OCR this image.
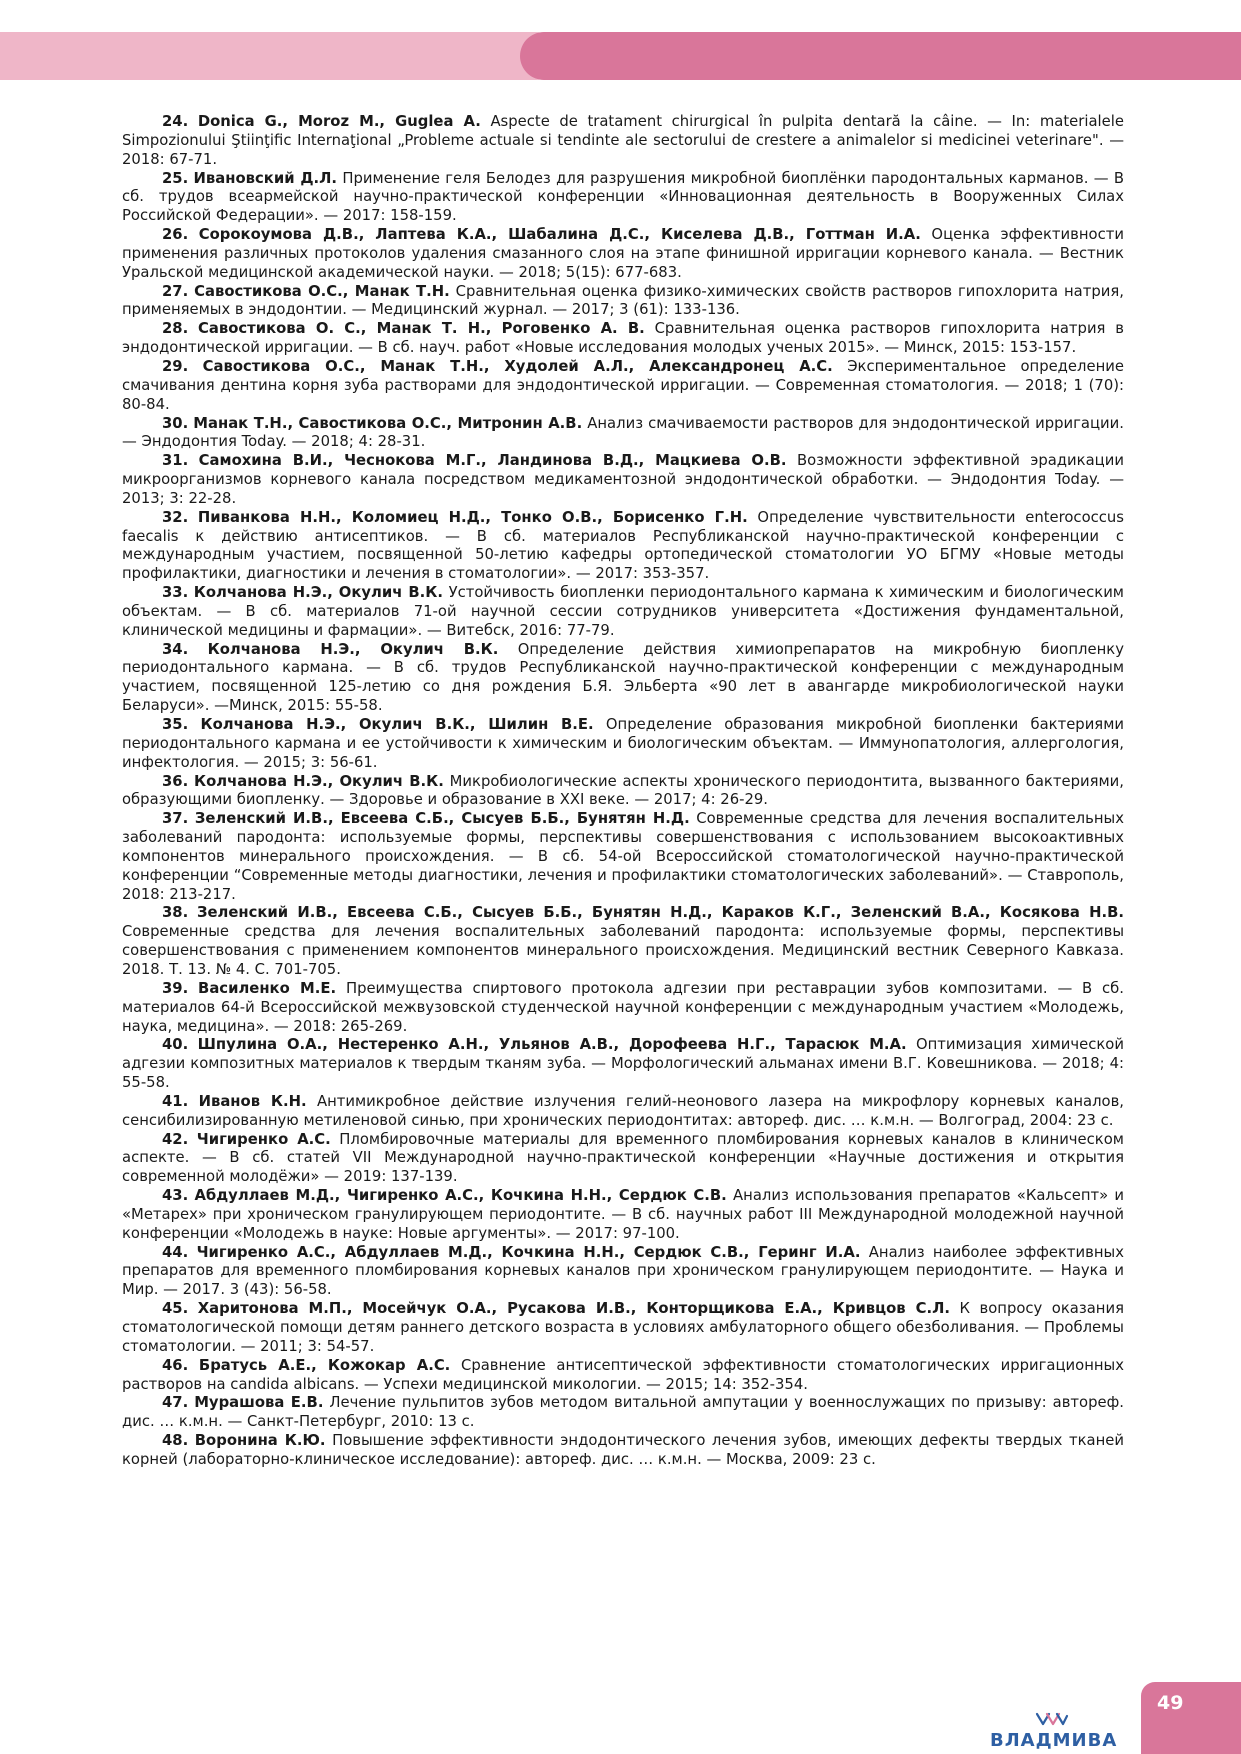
24. Donica G., Moroz M., Guglea A. Aspecte de tratament chirurgical în pulpita dentară la câine. — In: materialele Simpozionului Ştiinţific Internaţional „Probleme actuale si tendinte ale sectorului de crestere a animalelor si medicinei veterinare". — 2018: 67-71.

25. Ивановский Д.Л. Применение геля Белодез для разрушения микробной биоплёнки пародонтальных карманов. — В сб. трудов всеармейской научно-практической конференции «Инновационная деятельность в Вооруженных Силах Российской Федерации». — 2017: 158-159.

26. Сорокоумова Д.В., Лаптева К.А., Шабалина Д.С., Киселева Д.В., Готтман И.А. Оценка эффективности применения различных протоколов удаления смазанного слоя на этапе финишной ирригации корневого канала. — Вестник Уральской медицинской академической науки. — 2018; 5(15): 677-683.

27. Савостикова О.С., Манак Т.Н. Сравнительная оценка физико-химических свойств растворов гипохлорита натрия, применяемых в эндодонтии. — Медицинский журнал. — 2017; 3 (61): 133-136.

28. Савостикова О. С., Манак Т. Н., Роговенко А. В. Сравнительная оценка растворов гипохлорита натрия в эндодонтической ирригации. — В сб. науч. работ «Новые исследования молодых ученых 2015». — Минск, 2015: 153-157.

29. Савостикова О.С., Манак Т.Н., Худолей А.Л., Александронец А.С. Экспериментальное определение смачивания дентина корня зуба растворами для эндодонтической ирригации. — Современная стоматология. — 2018; 1 (70): 80-84.

30. Манак Т.Н., Савостикова О.С., Митронин А.В. Анализ смачиваемости растворов для эндодонтической ирригации. — Эндодонтия Today. — 2018; 4: 28-31.

31. Самохина В.И., Чеснокова М.Г., Ландинова В.Д., Мацкиева О.В. Возможности эффективной эрадикации микроорганизмов корневого канала посредством медикаментозной эндодонтической обработки. — Эндодонтия Today. — 2013; 3: 22-28.

32. Пиванкова Н.Н., Коломиец Н.Д., Тонко О.В., Борисенко Г.Н. Определение чувствительности enterococcus faecalis к действию антисептиков. — В сб. материалов Республиканской научно-практической конференции с международным участием, посвященной 50-летию кафедры ортопедической стоматологии УО БГМУ «Новые методы профилактики, диагностики и лечения в стоматологии». — 2017: 353-357.

33. Колчанова Н.Э., Окулич В.К. Устойчивость биопленки периодонтального кармана к химическим и биологическим объектам. — В сб. материалов 71-ой научной сессии сотрудников университета «Достижения фундаментальной, клинической медицины и фармации». — Витебск, 2016: 77-79.

34. Колчанова Н.Э., Окулич В.К. Определение действия химиопрепаратов на микробную биопленку периодонтального кармана. — В сб. трудов Республиканской научно-практической конференции с международным участием, посвященной 125-летию со дня рождения Б.Я. Эльберта «90 лет в авангарде микробиологической науки Беларуси». —Минск, 2015: 55-58.

35. Колчанова Н.Э., Окулич В.К., Шилин В.Е. Определение образования микробной биопленки бактериями периодонтального кармана и ее устойчивости к химическим и биологическим объектам. — Иммунопатология, аллергология, инфектология. — 2015; 3: 56-61.

36. Колчанова Н.Э., Окулич В.К. Микробиологические аспекты хронического периодонтита, вызванного бактериями, образующими биопленку. — Здоровье и образование в XXI веке. — 2017; 4: 26-29.

37. Зеленский И.В., Евсеева С.Б., Сысуев Б.Б., Бунятян Н.Д. Современные средства для лечения воспалительных заболеваний пародонта: используемые формы, перспективы совершенствования с использованием высокоактивных компонентов минерального происхождения. — В сб. 54-ой Всероссийской стоматологической научно-практической конференции “Современные методы диагностики, лечения и профилактики стоматологических заболеваний». — Ставрополь, 2018: 213-217.

38. Зеленский И.В., Евсеева С.Б., Сысуев Б.Б., Бунятян Н.Д., Караков К.Г., Зеленский В.А., Косякова Н.В. Современные средства для лечения воспалительных заболеваний пародонта: используемые формы, перспективы совершенствования с применением компонентов минерального происхождения. Медицинский вестник Северного Кавказа. 2018. Т. 13. № 4. С. 701-705.

39. Василенко М.Е. Преимущества спиртового протокола адгезии при реставрации зубов композитами. — В сб. материалов 64-й Всероссийской межвузовской студенческой научной конференции с международным участием «Молодежь, наука, медицина». — 2018: 265-269.

40. Шпулина О.А., Нестеренко А.Н., Ульянов А.В., Дорофеева Н.Г., Тарасюк М.А. Оптимизация химической адгезии композитных материалов к твердым тканям зуба. — Морфологический альманах имени В.Г. Ковешникова. — 2018; 4: 55-58.

41. Иванов К.Н. Антимикробное действие излучения гелий-неонового лазера на микрофлору корневых каналов, сенсибилизированную метиленовой синью, при хронических периодонтитах: автореф. дис. … к.м.н. — Волгоград, 2004: 23 с.

42. Чигиренко А.С. Пломбировочные материалы для временного пломбирования корневых каналов в клиническом аспекте. — В сб. статей VII Международной научно-практической конференции «Научные достижения и открытия современной молодёжи» — 2019: 137-139.

43. Абдуллаев М.Д., Чигиренко А.С., Кочкина Н.Н., Сердюк С.В. Анализ использования препаратов «Кальсепт» и «Метарех» при хроническом гранулирующем периодонтите. — В сб. научных работ III Международной молодежной научной конференции «Молодежь в науке: Новые аргументы». — 2017: 97-100.

44. Чигиренко А.С., Абдуллаев М.Д., Кочкина Н.Н., Сердюк С.В., Геринг И.А. Анализ наиболее эффективных препаратов для временного пломбирования корневых каналов при хроническом гранулирующем периодонтите. — Наука и Мир. — 2017. 3 (43): 56-58.

45. Харитонова М.П., Мосейчук О.А., Русакова И.В., Конторщикова Е.А., Кривцов С.Л. К вопросу оказания стоматологической помощи детям раннего детского возраста в условиях амбулаторного общего обезболивания. — Проблемы стоматологии. — 2011; 3: 54-57.

46. Братусь А.Е., Кожокар А.С. Сравнение антисептической эффективности стоматологических ирригационных растворов на candida albicans. — Успехи медицинской микологии. — 2015; 14: 352-354.

47. Мурашова Е.В. Лечение пульпитов зубов методом витальной ампутации у военнослужащих по призыву: автореф. дис. … к.м.н. — Санкт-Петербург, 2010: 13 с.

48. Воронина К.Ю. Повышение эффективности эндодонтического лечения зубов, имеющих дефекты твердых тканей корней (лабораторно-клиническое исследование): автореф. дис. … к.м.н. — Москва, 2009: 23 с.

ВЛАДМИВА
49
